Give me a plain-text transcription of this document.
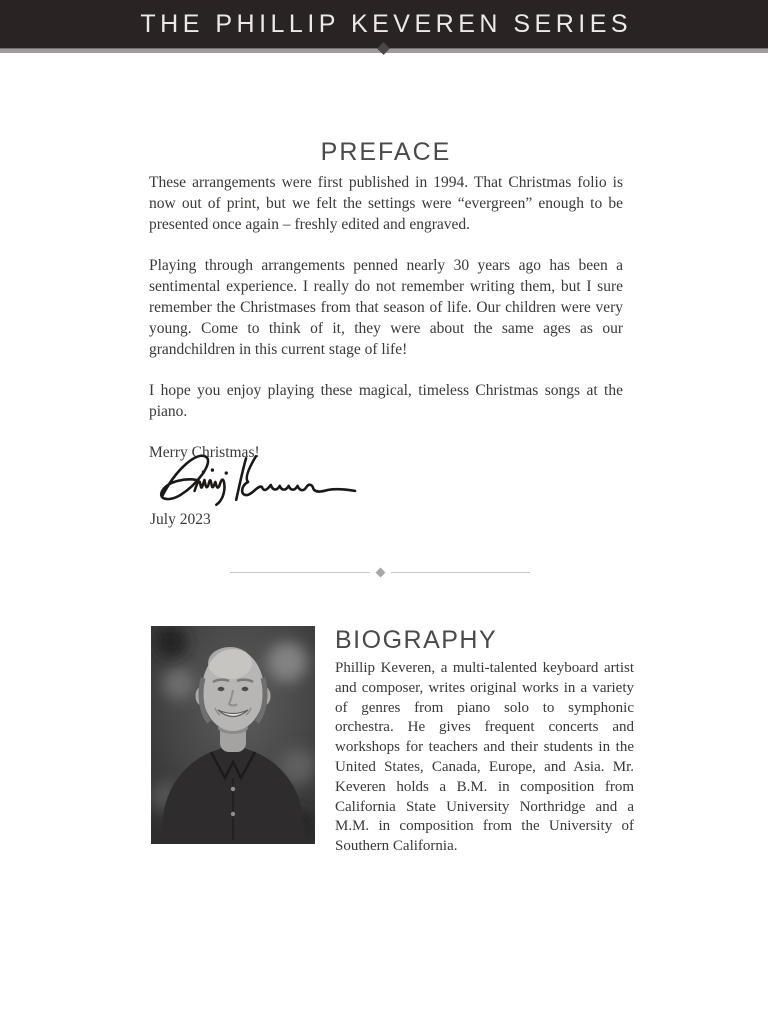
THE PHILLIP KEVEREN SERIES
PREFACE

These arrangements were first published in 1994. That Christmas folio is now out of print, but we felt the settings were “evergreen” enough to be presented once again – freshly edited and engraved.

Playing through arrangements penned nearly 30 years ago has been a sentimental experience. I really do not remember writing them, but I sure remember the Christmases from that season of life. Our children were very young. Come to think of it, they were about the same ages as our grandchildren in this current stage of life!

I hope you enjoy playing these magical, timeless Christmas songs at the piano.

Merry Christmas!

July 2023
BIOGRAPHY

Phillip Keveren, a multi-talented keyboard artist and composer, writes original works in a variety of genres from piano solo to symphonic orchestra. He gives frequent concerts and workshops for teachers and their students in the United States, Canada, Europe, and Asia. Mr. Keveren holds a B.M. in composition from California State University Northridge and a M.M. in composition from the University of Southern California.
